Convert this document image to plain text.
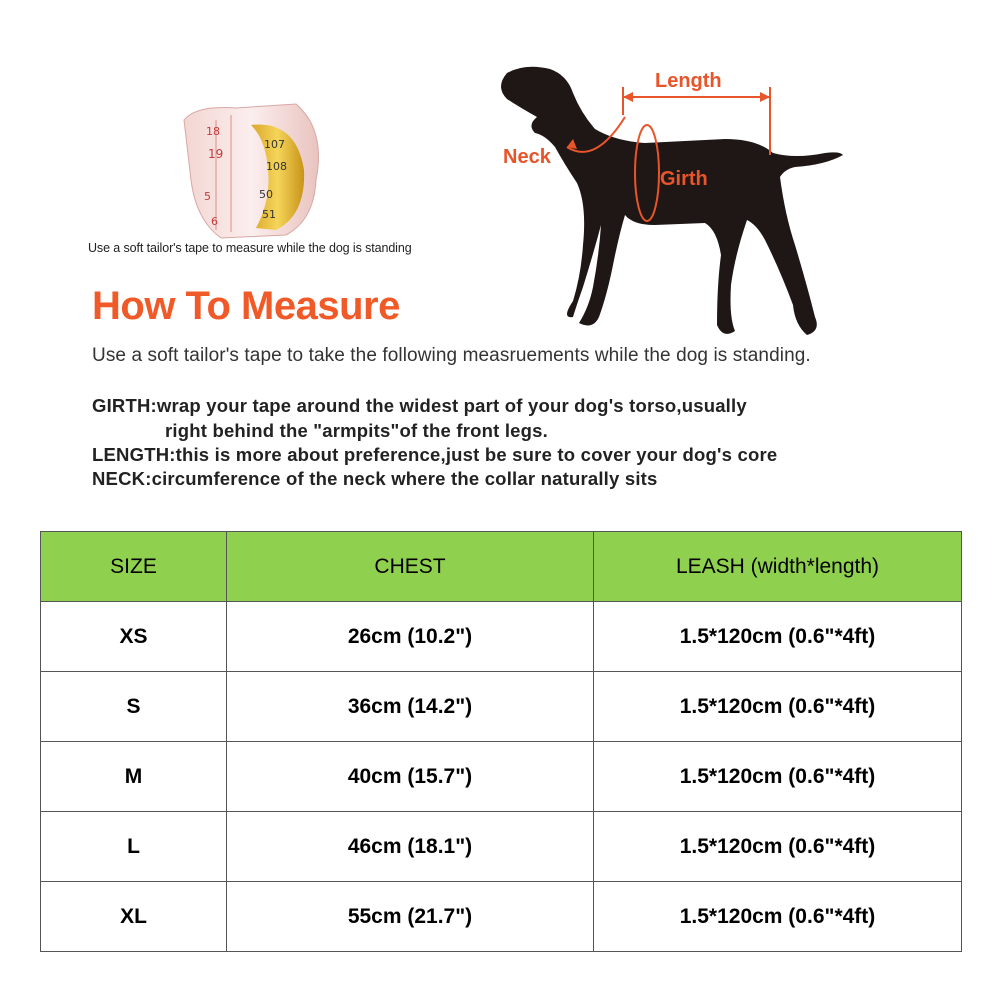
18
19
107
108
50
51
5
6
Use a soft tailor's tape to measure while the dog is standing
Length
Neck
Girth
How To Measure
Use a soft tailor's tape to take the following measruements while the dog is standing.
GIRTH:wrap your tape around the widest part of your dog's torso,usually
right behind the "armpits"of the front legs.
LENGTH:this is more about preference,just be sure to cover your dog's core
NECK:circumference of the neck where the collar naturally sits
SIZE	CHEST	LEASH (width*length)
XS	26cm (10.2")	1.5*120cm (0.6"*4ft)
S	36cm (14.2")	1.5*120cm (0.6"*4ft)
M	40cm (15.7")	1.5*120cm (0.6"*4ft)
L	46cm (18.1")	1.5*120cm (0.6"*4ft)
XL	55cm (21.7")	1.5*120cm (0.6"*4ft)
